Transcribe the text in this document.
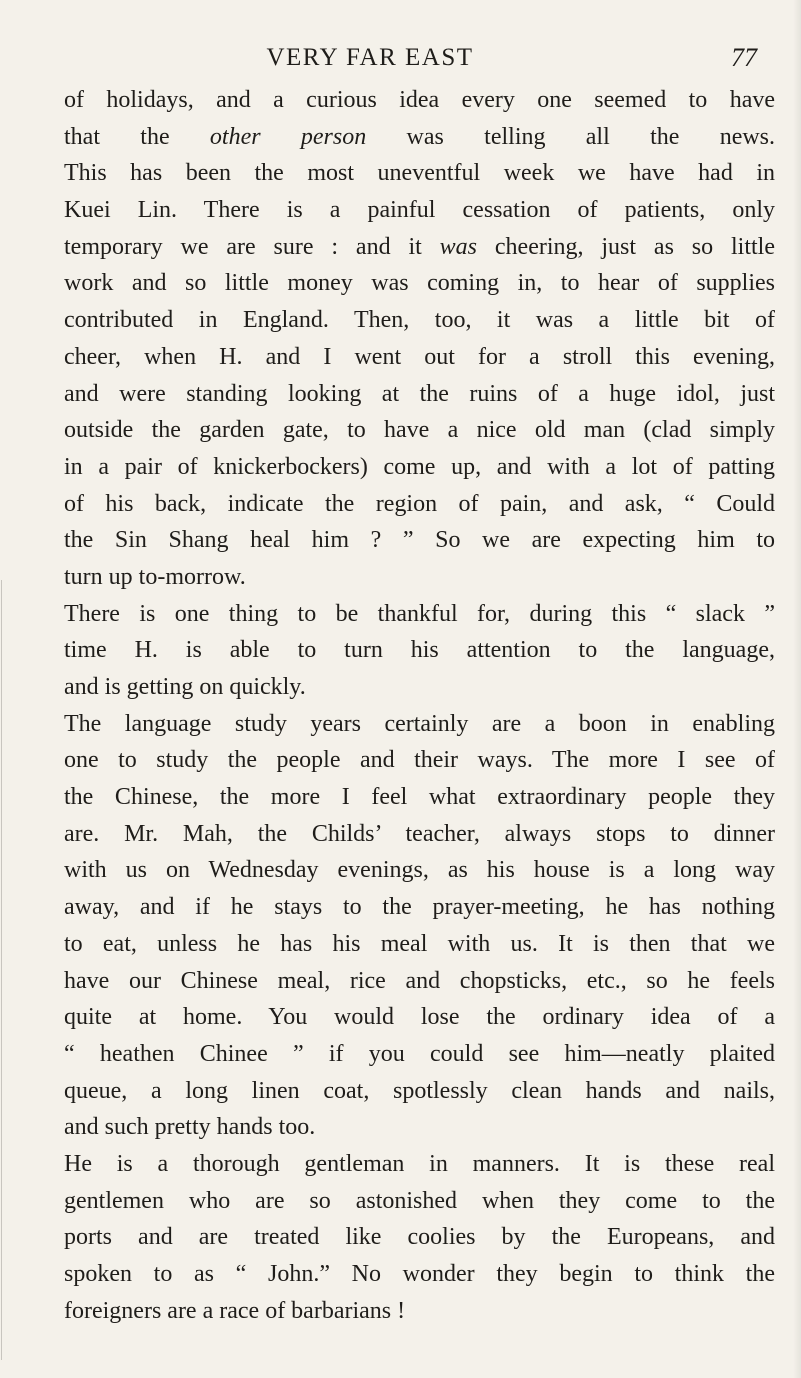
VERY FAR EAST	77
of holidays, and a curious idea every one seemed to have
that the other person was telling all the news.
This has been the most uneventful week we have had in
Kuei Lin. There is a painful cessation of patients, only
temporary we are sure : and it was cheering, just as so little
work and so little money was coming in, to hear of supplies
contributed in England. Then, too, it was a little bit of
cheer, when H. and I went out for a stroll this evening,
and were standing looking at the ruins of a huge idol, just
outside the garden gate, to have a nice old man (clad simply
in a pair of knickerbockers) come up, and with a lot of patting
of his back, indicate the region of pain, and ask, “ Could
the Sin Shang heal him ? ” So we are expecting him to
turn up to-morrow.
There is one thing to be thankful for, during this “ slack ”
time H. is able to turn his attention to the language,
and is getting on quickly.
The language study years certainly are a boon in enabling
one to study the people and their ways. The more I see of
the Chinese, the more I feel what extraordinary people they
are. Mr. Mah, the Childs’ teacher, always stops to dinner
with us on Wednesday evenings, as his house is a long way
away, and if he stays to the prayer-meeting, he has nothing
to eat, unless he has his meal with us. It is then that we
have our Chinese meal, rice and chopsticks, etc., so he feels
quite at home. You would lose the ordinary idea of a
“ heathen Chinee ” if you could see him—neatly plaited
queue, a long linen coat, spotlessly clean hands and nails,
and such pretty hands too.
He is a thorough gentleman in manners. It is these real
gentlemen who are so astonished when they come to the
ports and are treated like coolies by the Europeans, and
spoken to as “ John.” No wonder they begin to think the
foreigners are a race of barbarians !
